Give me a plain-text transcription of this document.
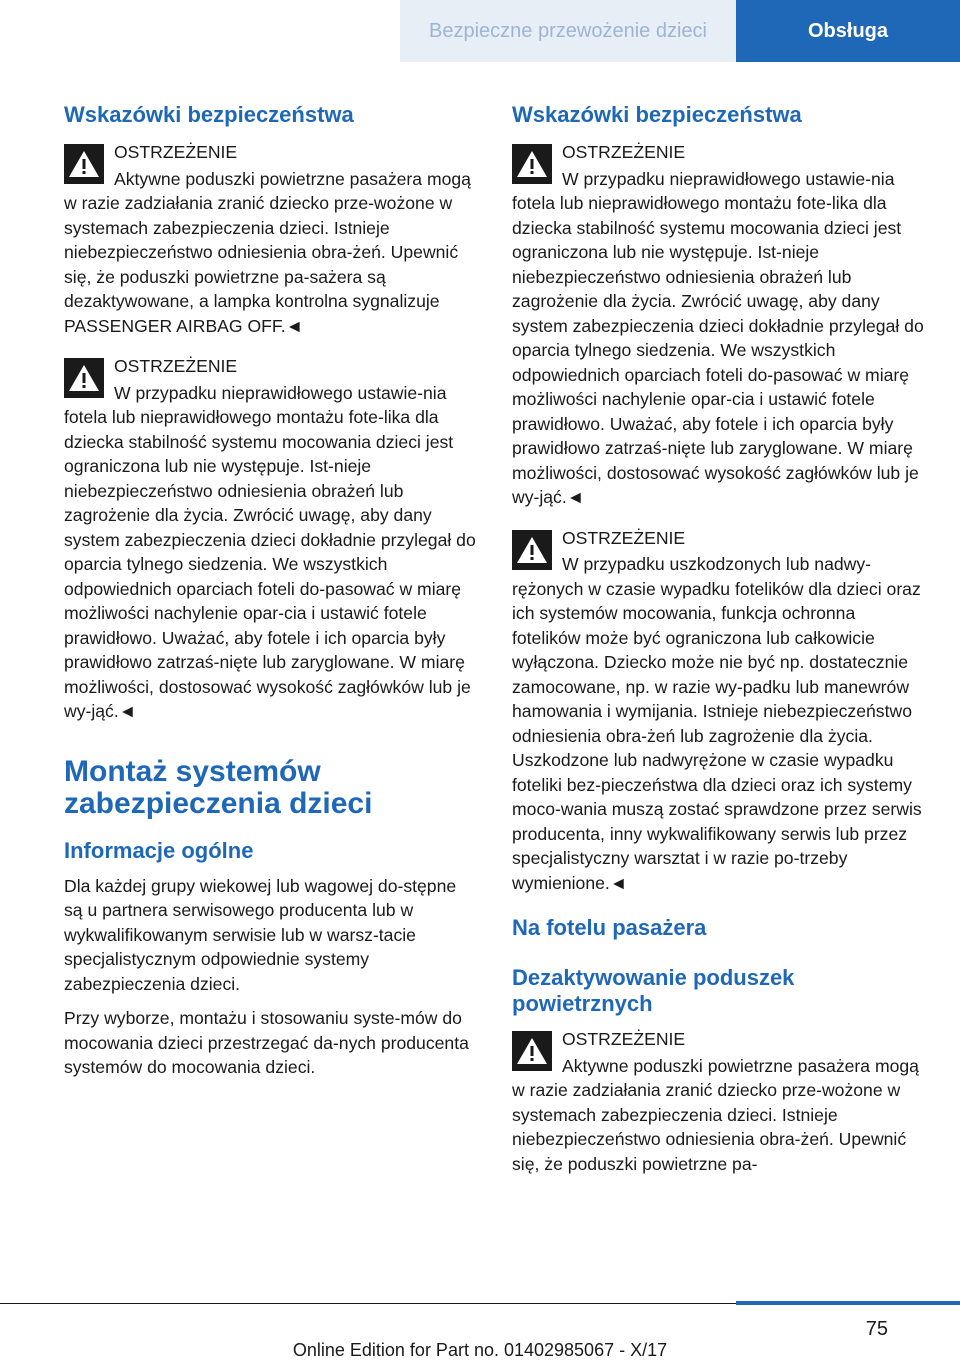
Bezpieczne przewożenie dzieci	Obsługa
Wskazówki bezpieczeństwa

OSTRZEŻENIE

Aktywne poduszki powietrzne pasażera mogą w razie zadziałania zranić dziecko prze-wożone w systemach zabezpieczenia dzieci. Istnieje niebezpieczeństwo odniesienia obra-żeń. Upewnić się, że poduszki powietrzne pa-sażera są dezaktywowane, a lampka kontrolna sygnalizuje PASSENGER AIRBAG OFF.◄

OSTRZEŻENIE

W przypadku nieprawidłowego ustawie-nia fotela lub nieprawidłowego montażu fote-lika dla dziecka stabilność systemu mocowania dzieci jest ograniczona lub nie występuje. Ist-nieje niebezpieczeństwo odniesienia obrażeń lub zagrożenie dla życia. Zwrócić uwagę, aby dany system zabezpieczenia dzieci dokładnie przylegał do oparcia tylnego siedzenia. We wszystkich odpowiednich oparciach foteli do-pasować w miarę możliwości nachylenie opar-cia i ustawić fotele prawidłowo. Uważać, aby fotele i ich oparcia były prawidłowo zatrzaś-nięte lub zaryglowane. W miarę możliwości, dostosować wysokość zagłówków lub je wy-jąć.◄

Montaż systemów zabezpieczenia dzieci
Informacje ogólne

Dla każdej grupy wiekowej lub wagowej do-stępne są u partnera serwisowego producenta lub w wykwalifikowanym serwisie lub w warsz-tacie specjalistycznym odpowiednie systemy zabezpieczenia dzieci.

Przy wyborze, montażu i stosowaniu syste-mów do mocowania dzieci przestrzegać da-nych producenta systemów do mocowania dzieci.

Wskazówki bezpieczeństwa

OSTRZEŻENIE

W przypadku nieprawidłowego ustawie-nia fotela lub nieprawidłowego montażu fote-lika dla dziecka stabilność systemu mocowania dzieci jest ograniczona lub nie występuje. Ist-nieje niebezpieczeństwo odniesienia obrażeń lub zagrożenie dla życia. Zwrócić uwagę, aby dany system zabezpieczenia dzieci dokładnie przylegał do oparcia tylnego siedzenia. We wszystkich odpowiednich oparciach foteli do-pasować w miarę możliwości nachylenie opar-cia i ustawić fotele prawidłowo. Uważać, aby fotele i ich oparcia były prawidłowo zatrzaś-nięte lub zaryglowane. W miarę możliwości, dostosować wysokość zagłówków lub je wy-jąć.◄

OSTRZEŻENIE

W przypadku uszkodzonych lub nadwy-rężonych w czasie wypadku fotelików dla dzieci oraz ich systemów mocowania, funkcja ochronna fotelików może być ograniczona lub całkowicie wyłączona. Dziecko może nie być np. dostatecznie zamocowane, np. w razie wy-padku lub manewrów hamowania i wymijania. Istnieje niebezpieczeństwo odniesienia obra-żeń lub zagrożenie dla życia. Uszkodzone lub nadwyrężone w czasie wypadku foteliki bez-pieczeństwa dla dzieci oraz ich systemy moco-wania muszą zostać sprawdzone przez serwis producenta, inny wykwalifikowany serwis lub przez specjalistyczny warsztat i w razie po-trzeby wymienione.◄

Na fotelu pasażera
Dezaktywowanie poduszek powietrznych

OSTRZEŻENIE

Aktywne poduszki powietrzne pasażera mogą w razie zadziałania zranić dziecko prze-wożone w systemach zabezpieczenia dzieci. Istnieje niebezpieczeństwo odniesienia obra-żeń. Upewnić się, że poduszki powietrzne pa-

75
Online Edition for Part no. 01402985067 - X/17
